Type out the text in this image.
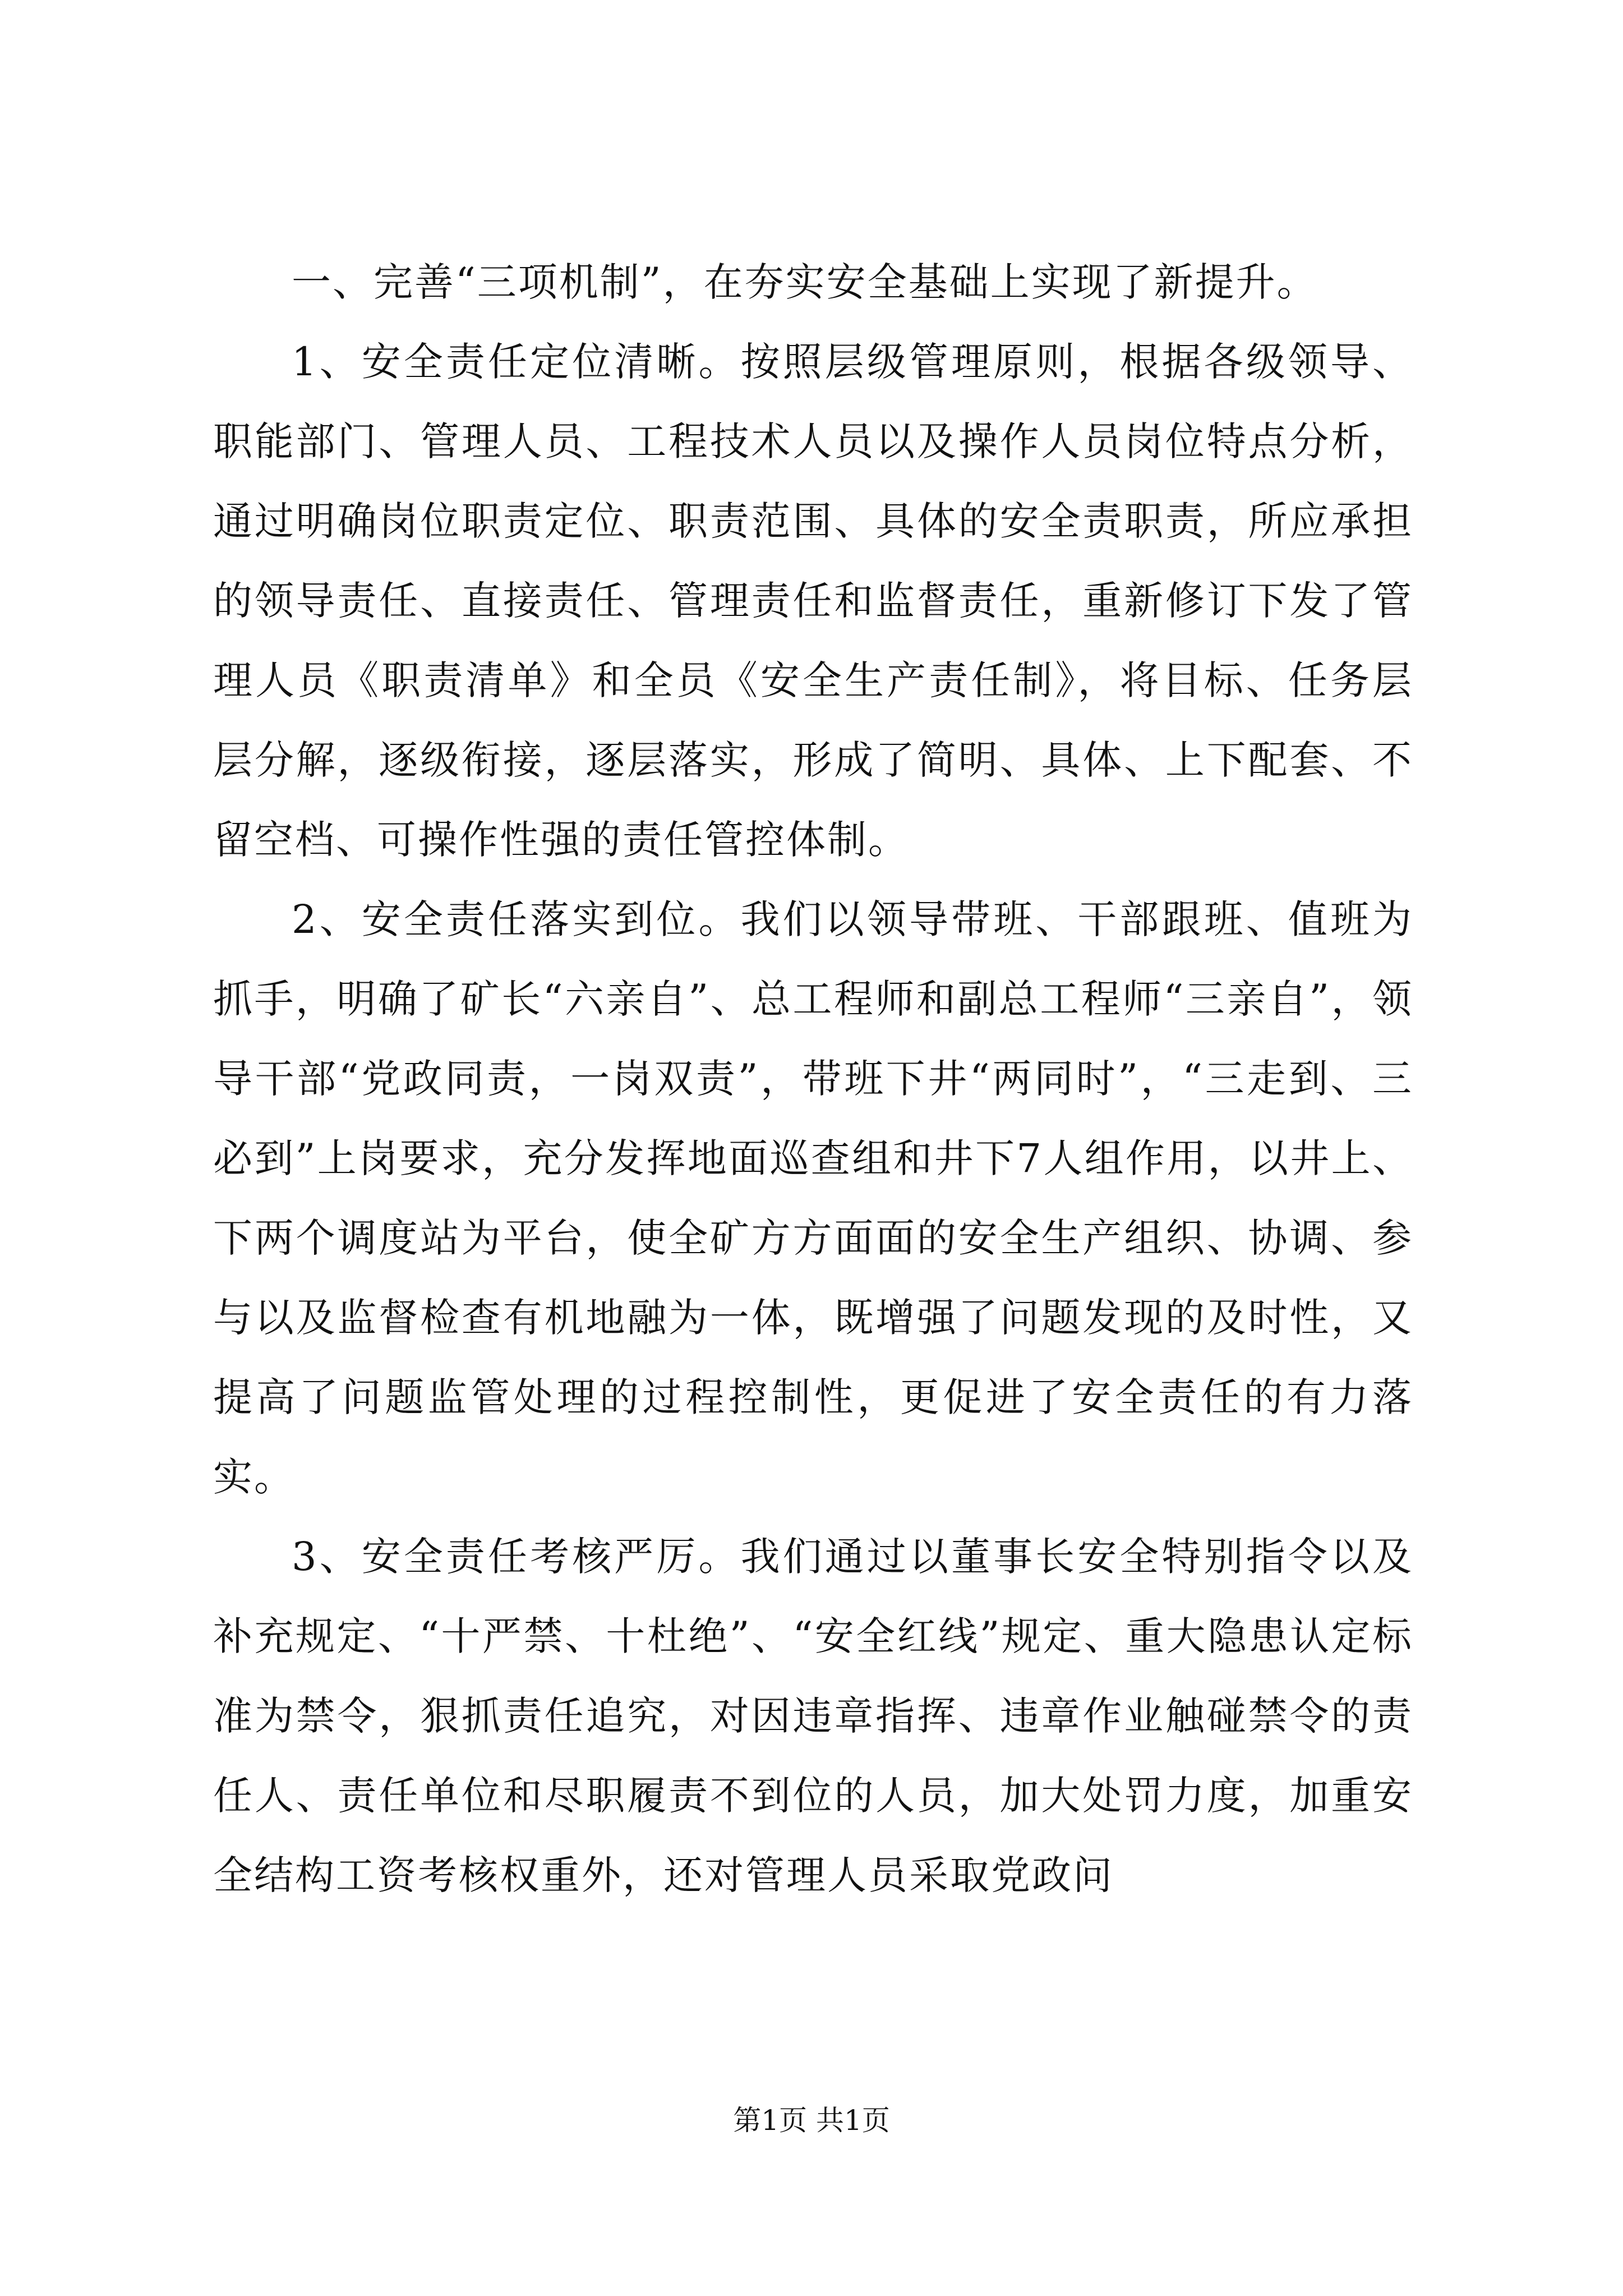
一、完善“三项机制”，在夯实安全基础上实现了新提升。

1、安全责任定位清晰。按照层级管理原则，根据各级领导、职能部门、管理人员、工程技术人员以及操作人员岗位特点分析，通过明确岗位职责定位、职责范围、具体的安全责职责，所应承担的领导责任、直接责任、管理责任和监督责任，重新修订下发了管理人员《职责清单》和全员《安全生产责任制》，将目标、任务层层分解，逐级衔接，逐层落实，形成了简明、具体、上下配套、不留空档、可操作性强的责任管控体制。

2、安全责任落实到位。我们以领导带班、干部跟班、值班为抓手，明确了矿长“六亲自”、总工程师和副总工程师“三亲自”，领导干部“党政同责，一岗双责”，带班下井“两同时”，“三走到、三必到”上岗要求，充分发挥地面巡查组和井下7人组作用，以井上、下两个调度站为平台，使全矿方方面面的安全生产组织、协调、参与以及监督检查有机地融为一体，既增强了问题发现的及时性，又提高了问题监管处理的过程控制性，更促进了安全责任的有力落实。

3、安全责任考核严厉。我们通过以董事长安全特别指令以及补充规定、“十严禁、十杜绝”、“安全红线”规定、重大隐患认定标准为禁令，狠抓责任追究，对因违章指挥、违章作业触碰禁令的责任人、责任单位和尽职履责不到位的人员，加大处罚力度，加重安全结构工资考核权重外，还对管理人员采取党政问

第1页 共1页
